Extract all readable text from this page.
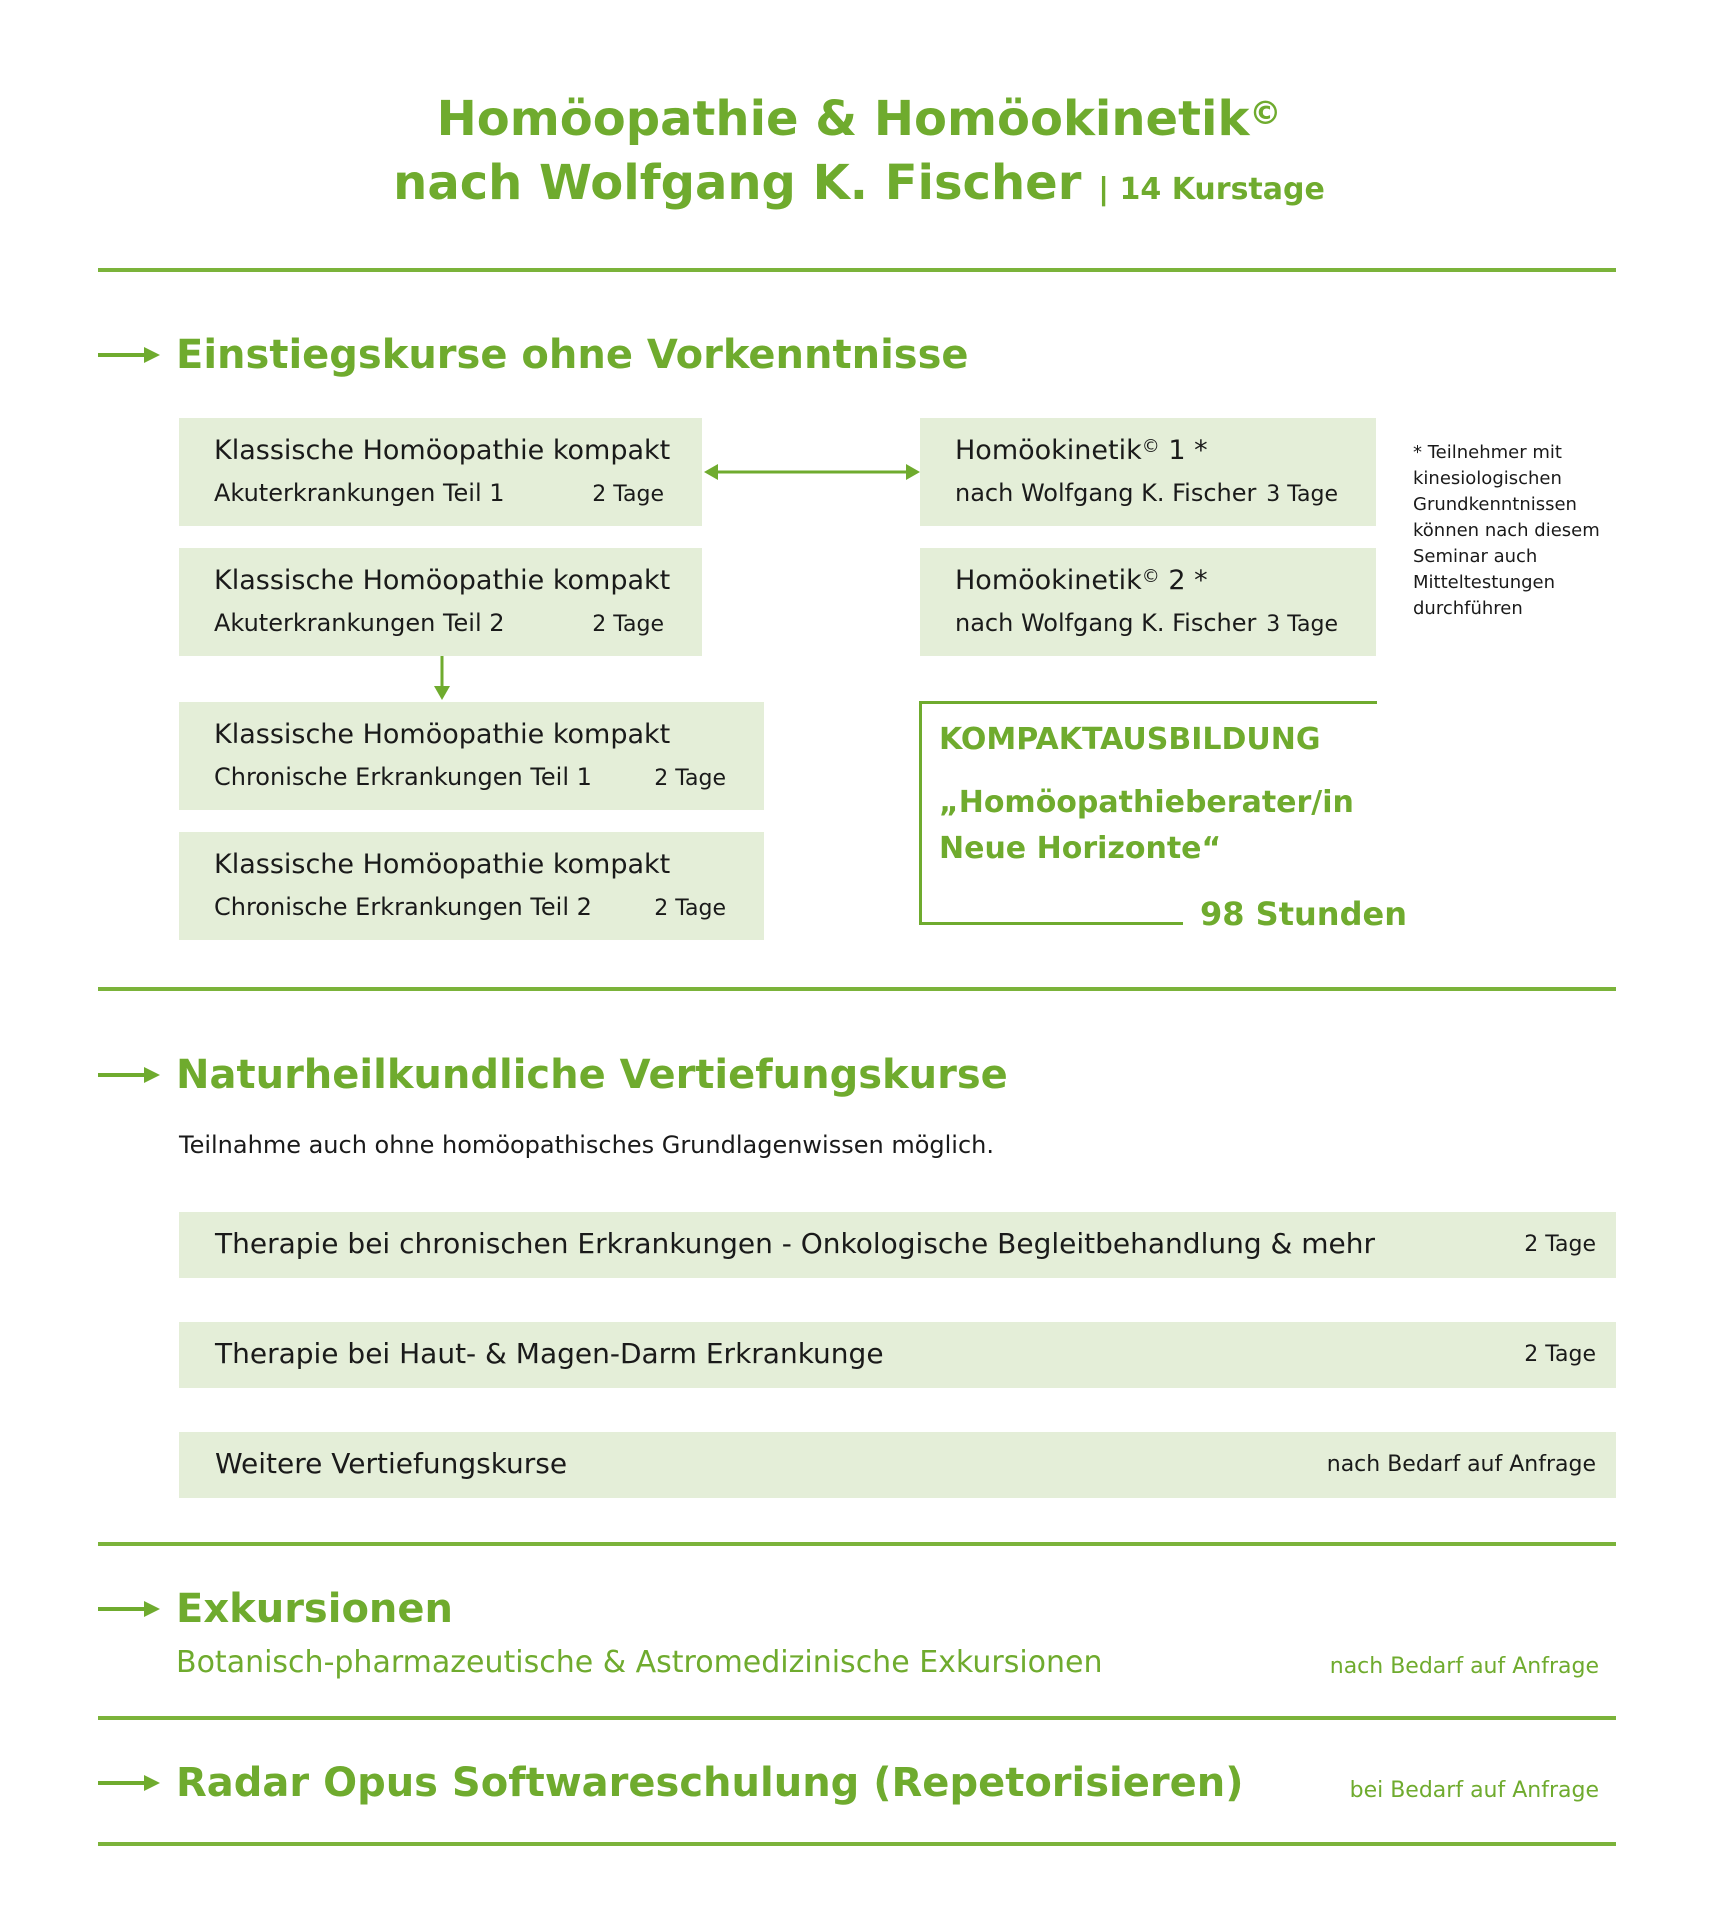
Homöopathie & Homöokinetik©
nach Wolfgang K. Fischer | 14 Kurstage
Einstiegskurse ohne Vorkenntnisse
Klassische Homöopathie kompakt
Akuterkrankungen Teil 1	2 Tage
Klassische Homöopathie kompakt
Akuterkrankungen Teil 2	2 Tage
Klassische Homöopathie kompakt
Chronische Erkrankungen Teil 1	2 Tage
Klassische Homöopathie kompakt
Chronische Erkrankungen Teil 2	2 Tage
Homöokinetik© 1 *
nach Wolfgang K. Fischer 3 Tage
Homöokinetik© 2 *
nach Wolfgang K. Fischer 3 Tage
* Teilnehmer mit
kinesiologischen
Grundkenntnissen
können nach diesem
Seminar auch
Mitteltestungen
durchführen
KOMPAKTAUSBILDUNG
„Homöopathieberater/in
Neue Horizonte“
98 Stunden
Naturheilkundliche Vertiefungskurse
Teilnahme auch ohne homöopathisches Grundlagenwissen möglich.
Therapie bei chronischen Erkrankungen - Onkologische Begleitbehandlung & mehr	2 Tage
Therapie bei Haut- & Magen-Darm Erkrankunge	2 Tage
Weitere Vertiefungskurse	nach Bedarf auf Anfrage
Exkursionen
Botanisch-pharmazeutische & Astromedizinische Exkursionen	nach Bedarf auf Anfrage
Radar Opus Softwareschulung (Repetorisieren)	bei Bedarf auf Anfrage
